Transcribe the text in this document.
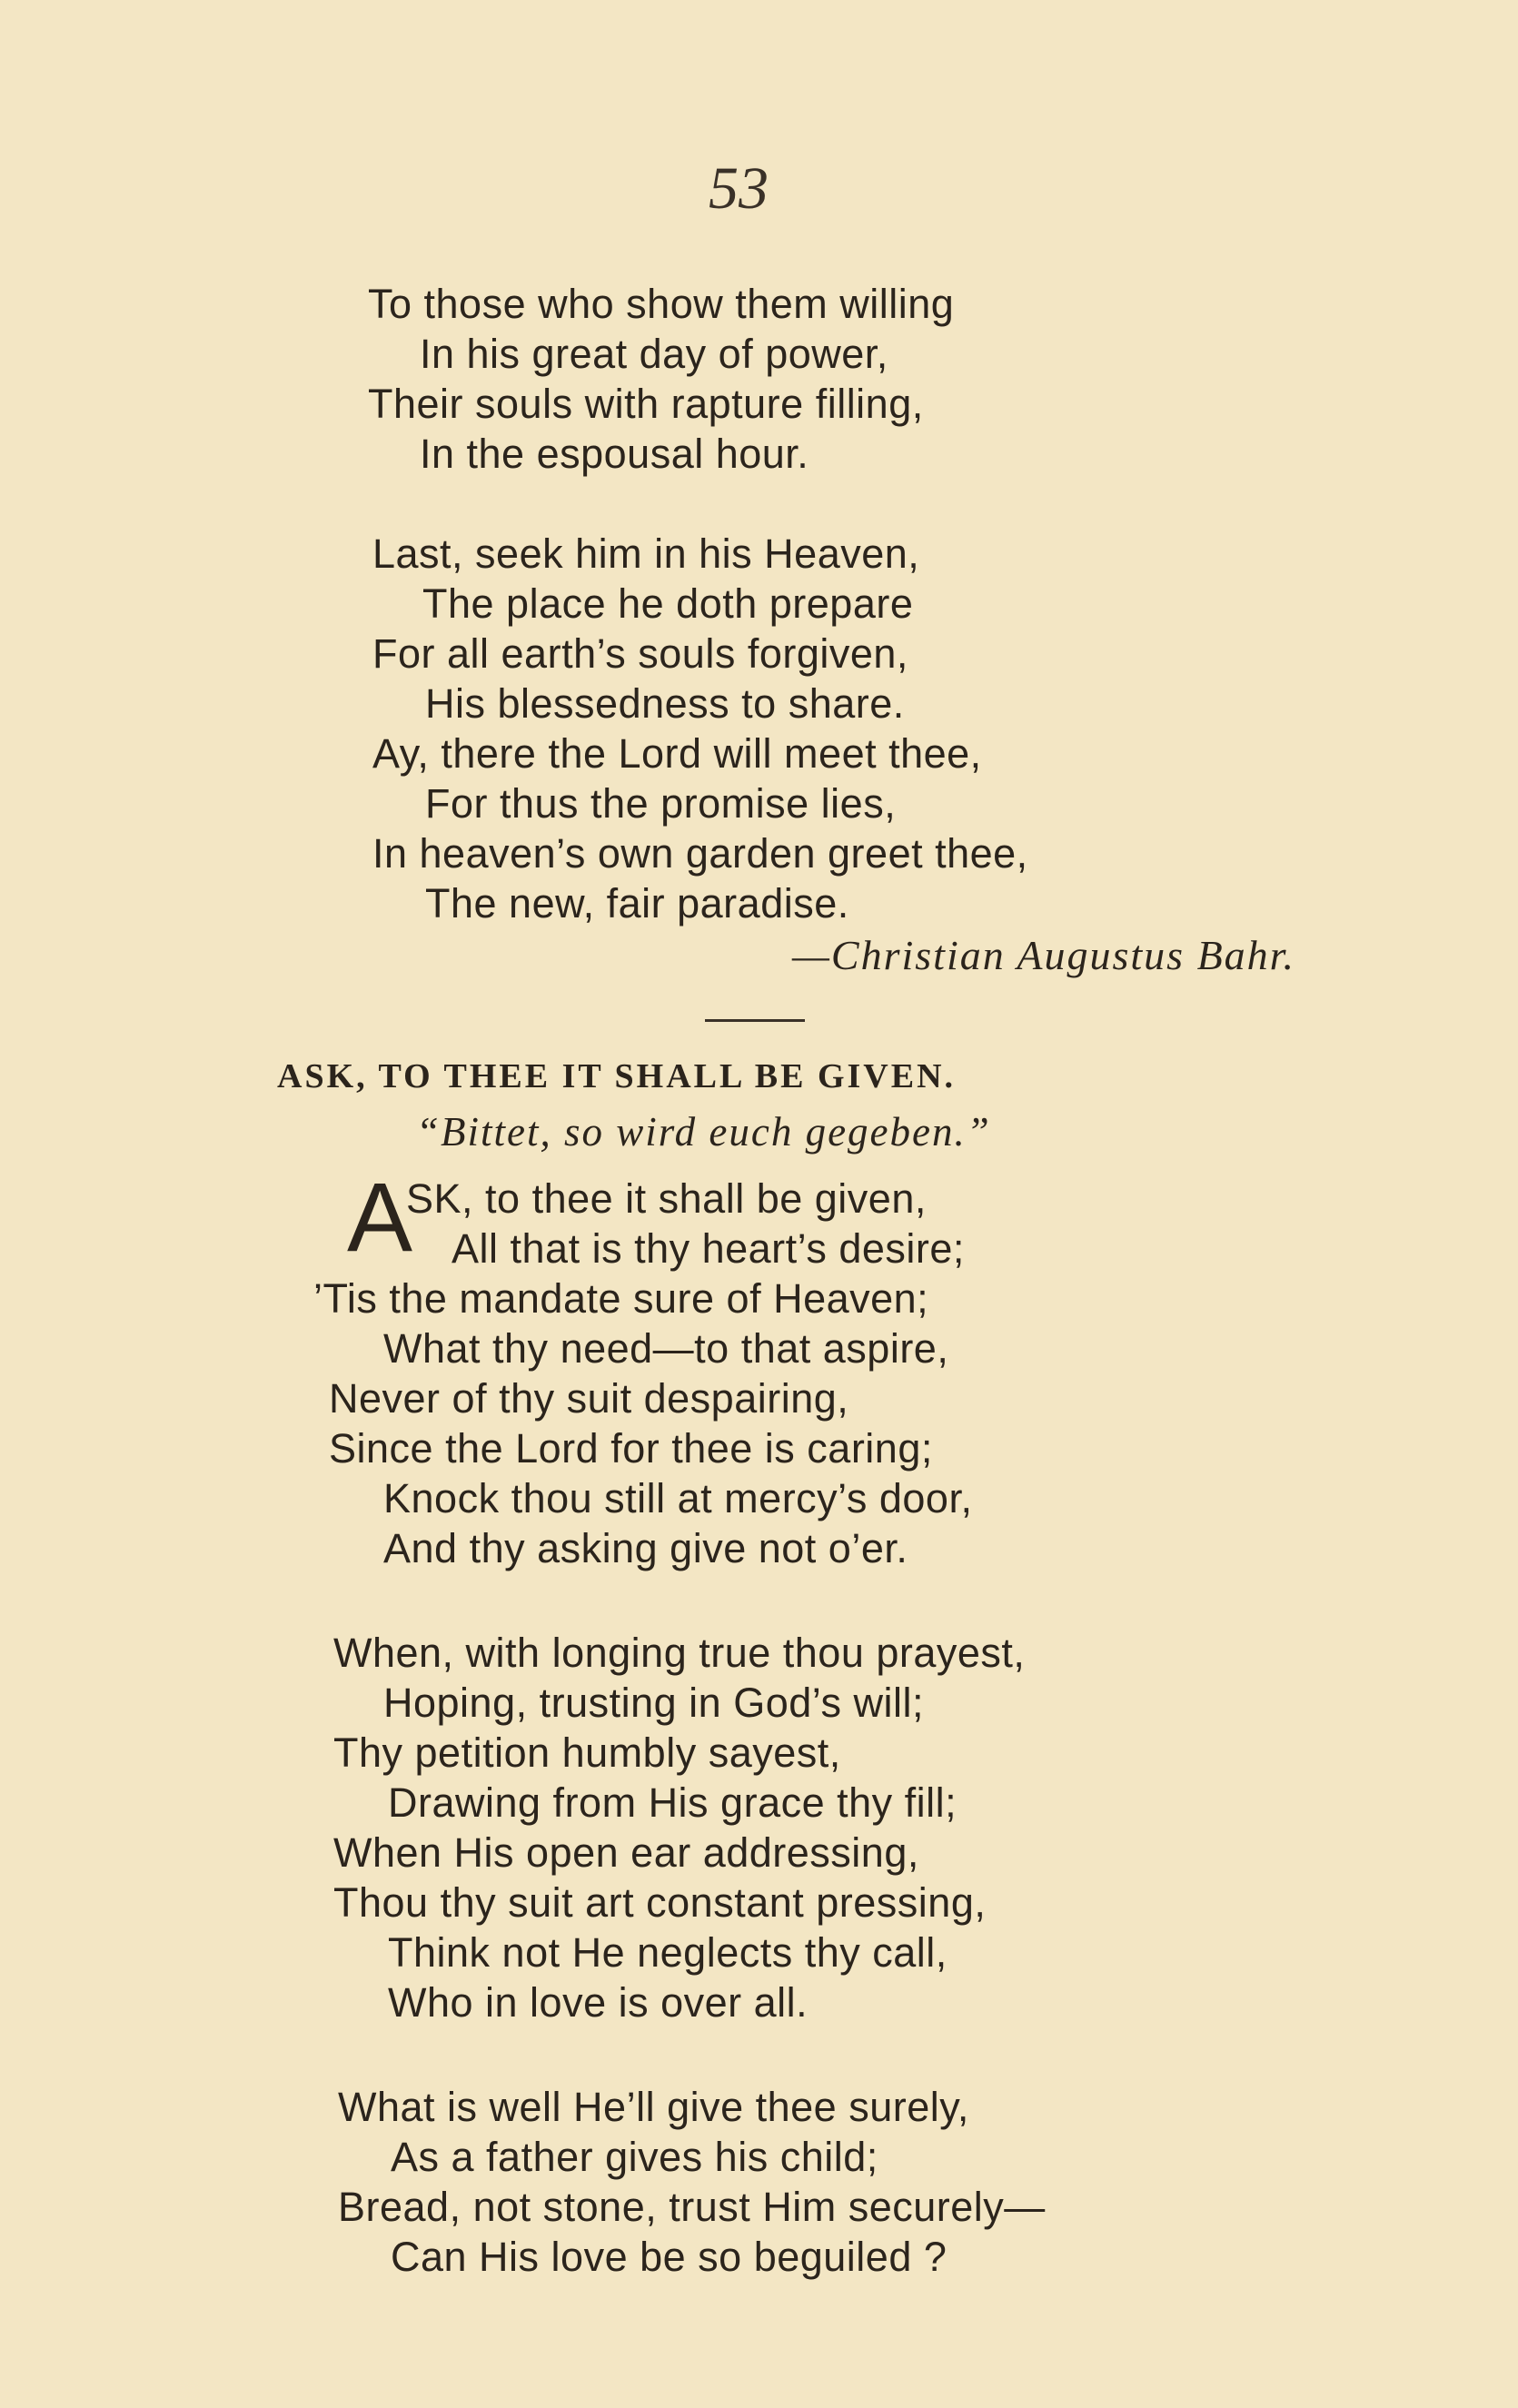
53
To those who show them willing
In his great day of power,
Their souls with rapture filling,
In the espousal hour.
Last, seek him in his Heaven,
The place he doth prepare
For all earth’s souls forgiven,
His blessedness to share.
Ay, there the Lord will meet thee,
For thus the promise lies,
In heaven’s own garden greet thee,
The new, fair paradise.
—Christian Augustus Bahr.
ASK, TO THEE IT SHALL BE GIVEN.
“Bittet, so wird euch gegeben.”
A
SK, to thee it shall be given,
All that is thy heart’s desire;
’Tis the mandate sure of Heaven;
What thy need—to that aspire,
Never of thy suit despairing,
Since the Lord for thee is caring;
Knock thou still at mercy’s door,
And thy asking give not o’er.
When, with longing true thou prayest,
Hoping, trusting in God’s will;
Thy petition humbly sayest,
Drawing from His grace thy fill;
When His open ear addressing,
Thou thy suit art constant pressing,
Think not He neglects thy call,
Who in love is over all.
What is well He’ll give thee surely,
As a father gives his child;
Bread, not stone, trust Him securely—
Can His love be so beguiled ?
